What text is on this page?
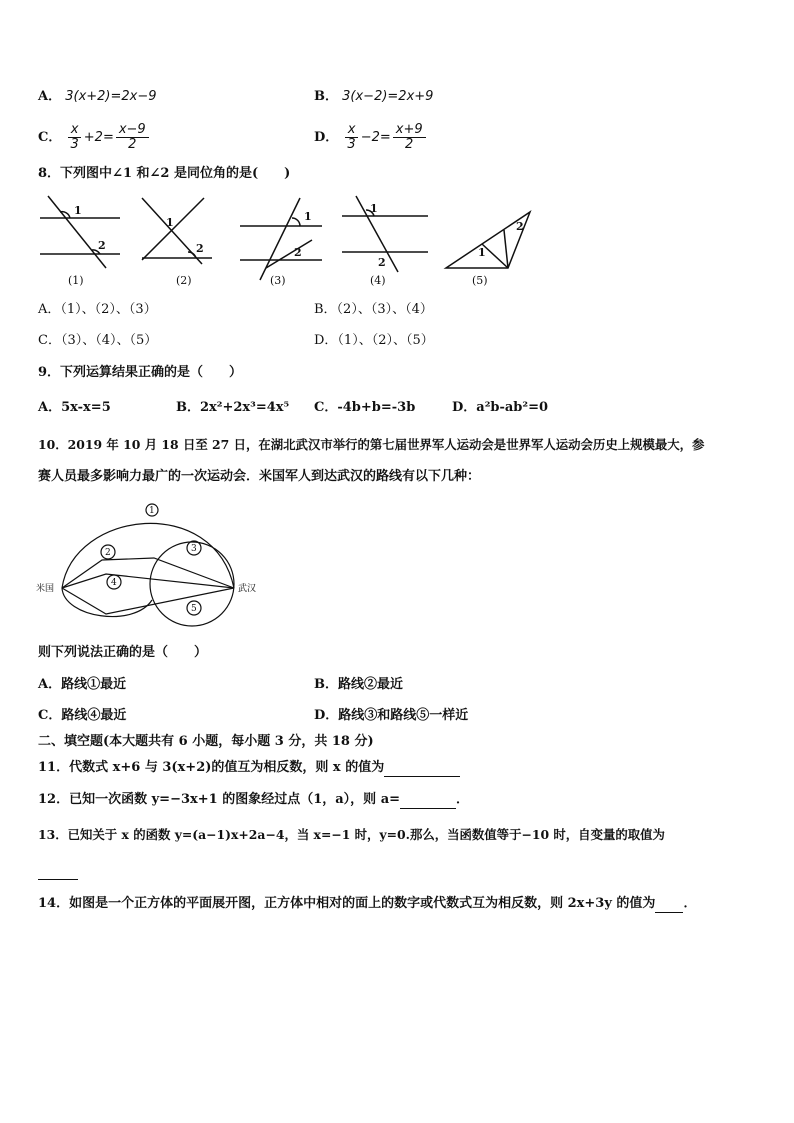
A． 3(x+2)=2x−9	B． 3(x−2)=2x+9
C． $\frac{x}{3} +2= \frac{x-9}{2}$	D． $\frac{x}{3} -2= \frac{x+9}{2}$
8．下列图中∠1 和∠2 是同位角的是(　　)
1
2
1
2
1
2
1
2
1
2
(1)	(2)	(3)	(4)	(5)
A．（1）、（2）、（3）	B．（2）、（3）、（4）
C．（3）、（4）、（5）	D．（1）、（2）、（5）
9．下列运算结果正确的是（　　）
A．5x-x=5	B．2x²+2x³=4x⁵ C．-4b+b=-3b	D．a²b-ab²=0
10．2019 年 10 月 18 日至 27 日，在湖北武汉市举行的第七届世界军人运动会是世界军人运动会历史上规模最大，参
赛人员最多影响力最广的一次运动会．米国军人到达武汉的路线有以下几种：
1
2	3
4
5
米国	武汉
则下列说法正确的是（　　）
A．路线①最近	B．路线②最近
C．路线④最近	D．路线③和路线⑤一样近
二、填空题(本大题共有 6 小题，每小题 3 分，共 18 分)
11．代数式 x+6 与 3(x+2)的值互为相反数，则 x 的值为
12．已知一次函数 y=−3x+1 的图象经过点（1，a），则 a=	．
13．已知关于 x 的函数 y=(a−1)x+2a−4，当 x=−1 时，y=0.那么，当函数值等于−10 时，自变量的取值为
14．如图是一个正方体的平面展开图，正方体中相对的面上的数字或代数式互为相反数，则 2x+3y 的值为 ．
